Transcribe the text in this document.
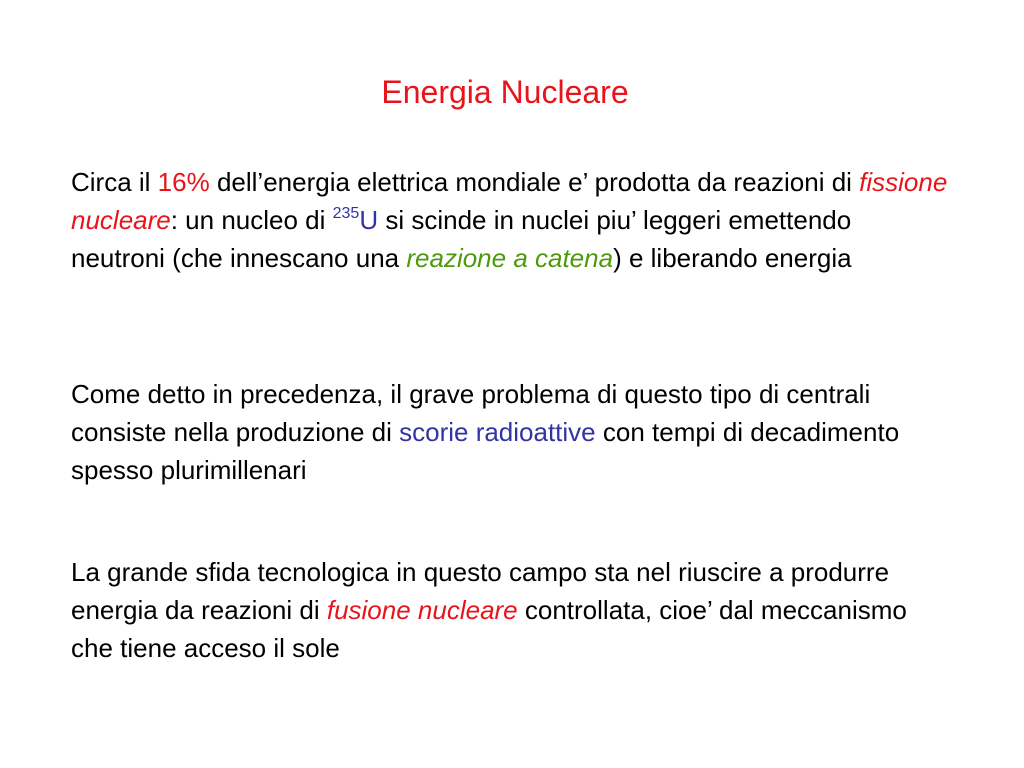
Energia Nucleare

Circa il 16% dell’energia elettrica mondiale e’ prodotta da reazioni di fissione nucleare: un nucleo di $^{235}$U si scinde in nuclei piu’ leggeri emettendo neutroni (che innescano una reazione a catena) e liberando energia

Come detto in precedenza, il grave problema di questo tipo di centrali consiste nella produzione di scorie radioattive con tempi di decadimento spesso plurimillenari

La grande sfida tecnologica in questo campo sta nel riuscire a produrre energia da reazioni di fusione nucleare controllata, cioe’ dal meccanismo che tiene acceso il sole
